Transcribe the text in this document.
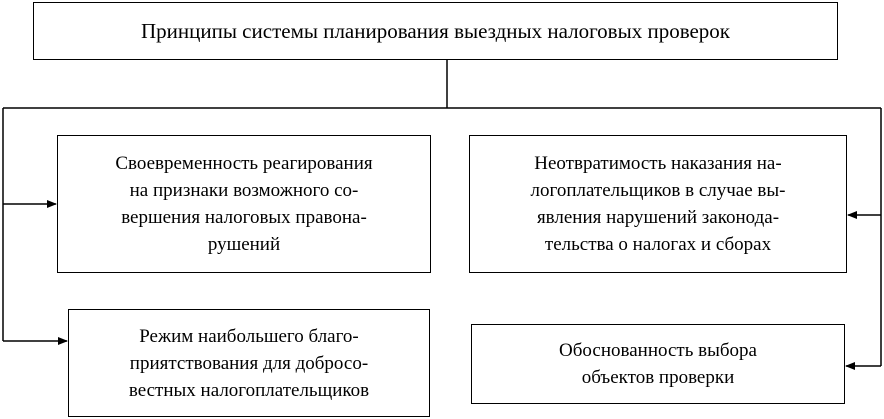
Принципы системы планирования выездных налоговых проверок
Своевременность реагирования
на признаки возможного со-
вершения налоговых правона-
рушений
Неотвратимость наказания на-
логоплательщиков в случае вы-
явления нарушений законода-
тельства о налогах и сборах
Режим наибольшего благо-
приятствования для добросо-
вестных налогоплательщиков
Обоснованность выбора
объектов проверки
